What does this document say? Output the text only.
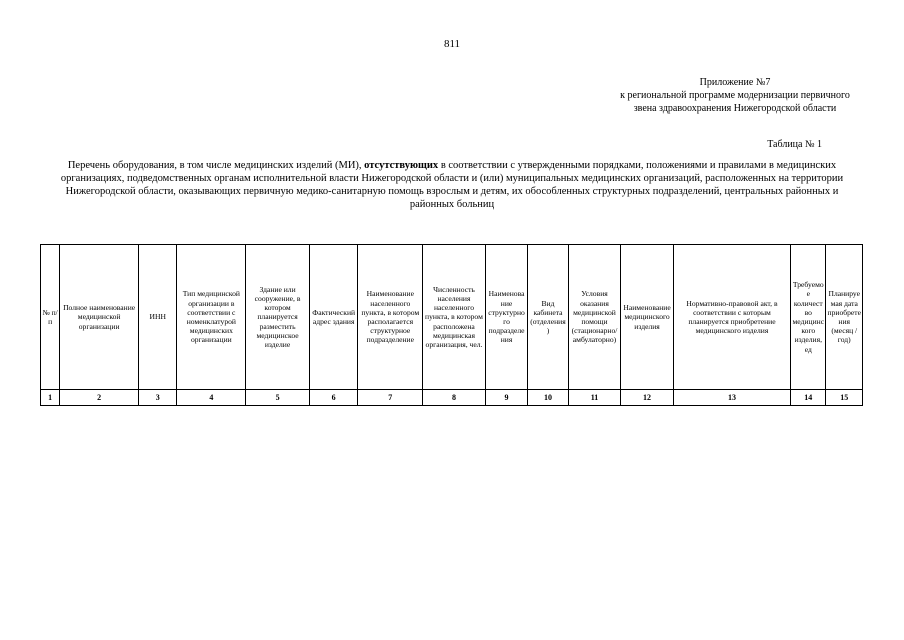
811
Приложение №7
к региональной программе модернизации первичного
звена здравоохранения Нижегородской области
Таблица № 1
Перечень оборудования, в том числе медицинских изделий (МИ), отсутствующих в соответствии с утвержденными порядками, положениями и правилами в медицинских организациях, подведомственных органам исполнительной власти Нижегородской области и (или) муниципальных медицинских организаций, расположенных на территории Нижегородской области, оказывающих первичную медико-санитарную помощь взрослым и детям, их обособленных структурных подразделений, центральных районных и районных больниц
№ п/п	Полное наименование медицинской организации	ИНН	Тип медицинской организации в соответствии с номенклатурой медицинских организации	Здание или сооружение, в котором планируется разместить медицинское изделие	Фактический адрес здания	Наименование населенного пункта, в котором располагается структурное подразделение	Численность населения населенного пункта, в котором расположена медицинская организация, чел.	Наименование структурного подразделения	Вид кабинета (отделения)	Условия оказания медицинской помощи (стационарно/амбулаторно)	Наименование медицинского изделия	Нормативно-правовой акт, в соответствии с которым планируется приобретение медицинского изделия	Требуемое количество медицинского изделия, ед	Планируемая дата приобретения (месяц /год)
1	2	3	4	5	6	7	8	9	10	11	12	13	14	15
